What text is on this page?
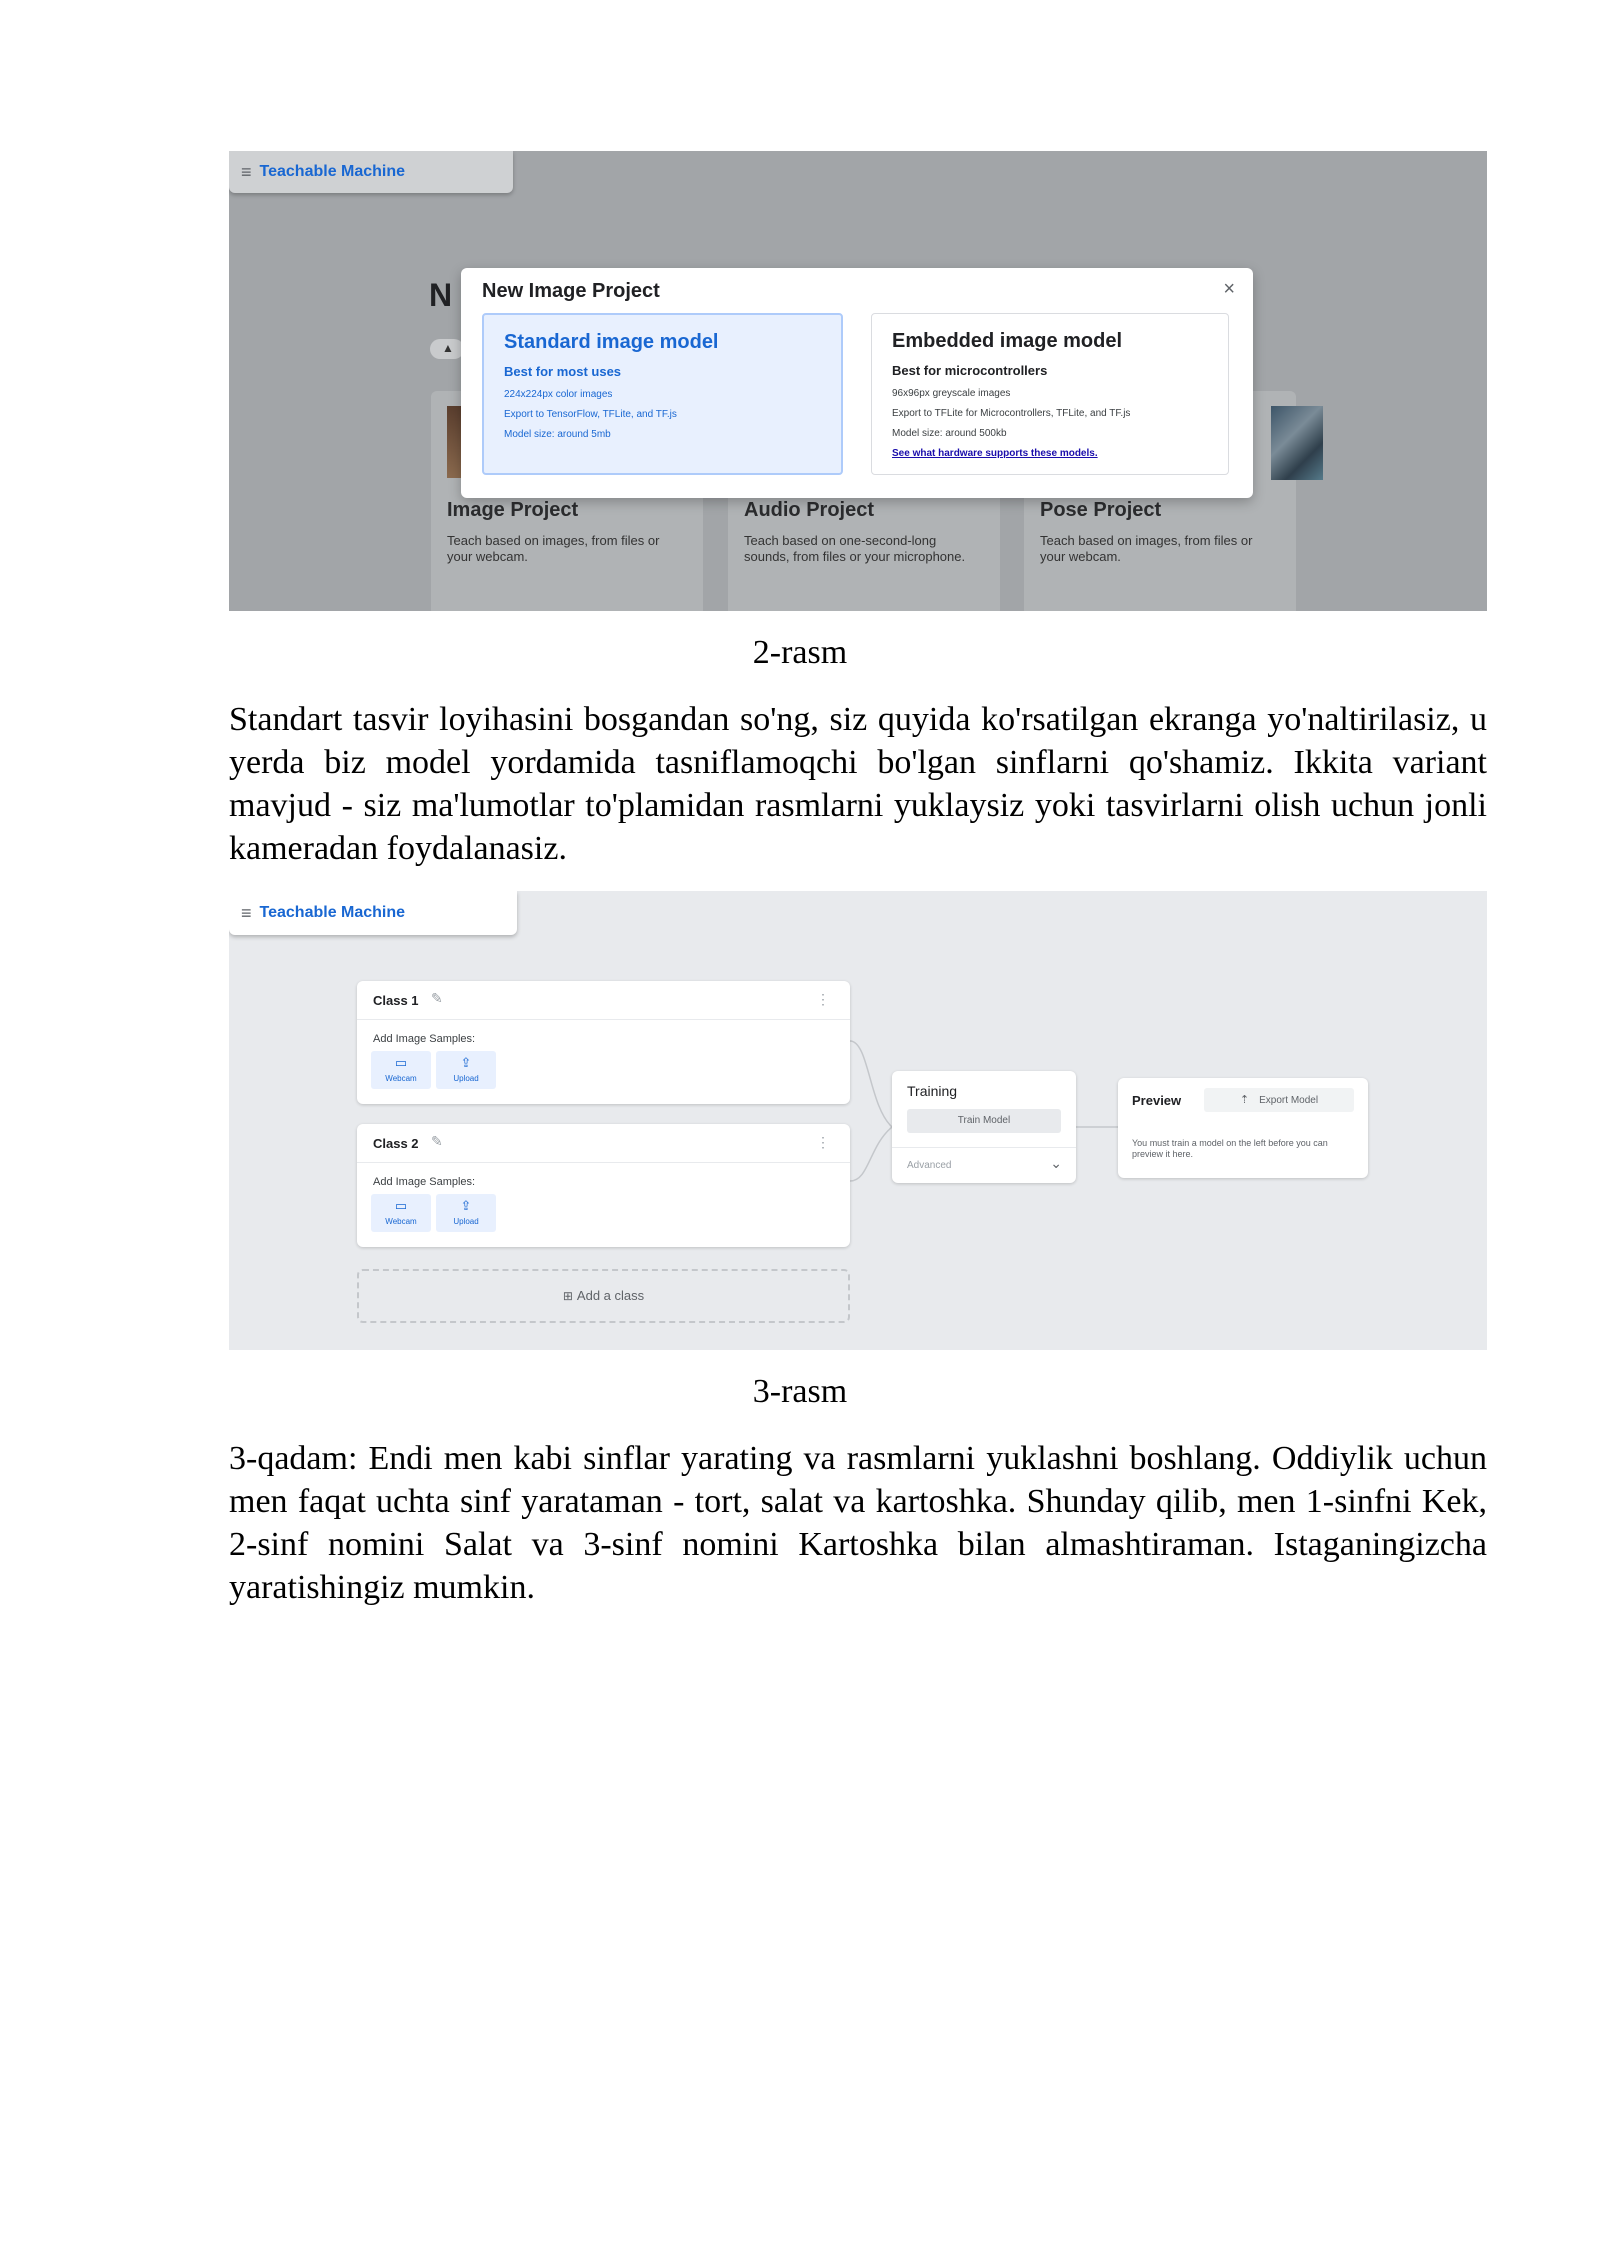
≡ Teachable Machine
N
▲
Image Project
Teach based on images, from files or your webcam.
Audio Project
Teach based on one-second-long sounds, from files or your microphone.
Pose Project
Teach based on images, from files or your webcam.
New Image Project	×
Standard image model
Best for most uses
224x224px color images
Export to TensorFlow, TFLite, and TF.js
Model size: around 5mb
Embedded image model
Best for microcontrollers
96x96px greyscale images
Export to TFLite for Microcontrollers, TFLite, and TF.js
Model size: around 500kb
See what hardware supports these models.
2-rasm

Standart tasvir loyihasini bosgandan so'ng, siz quyida ko'rsatilgan ekranga yo'naltirilasiz, u yerda biz model yordamida tasniflamoqchi bo'lgan sinflarni qo'shamiz. Ikkita variant mavjud - siz ma'lumotlar to'plamidan rasmlarni yuklaysiz yoki tasvirlarni olish uchun jonli kameradan foydalanasiz.

≡ Teachable Machine
Class 1 ✎	⋮
Add Image Samples:
▭
Webcam
⇪
Upload
Class 2 ✎	⋮
Add Image Samples:
▭
Webcam
⇪
Upload
⊞ Add a class
Training
Train Model
Advanced	⌄
Preview	⇡ Export Model
You must train a model on the left before you can preview it here.
3-rasm

3-qadam: Endi men kabi sinflar yarating va rasmlarni yuklashni boshlang. Oddiylik uchun men faqat uchta sinf yarataman - tort, salat va kartoshka. Shunday qilib, men 1-sinfni Kek, 2-sinf nomini Salat va 3-sinf nomini Kartoshka bilan almashtiraman. Istaganingizcha yaratishingiz mumkin.
